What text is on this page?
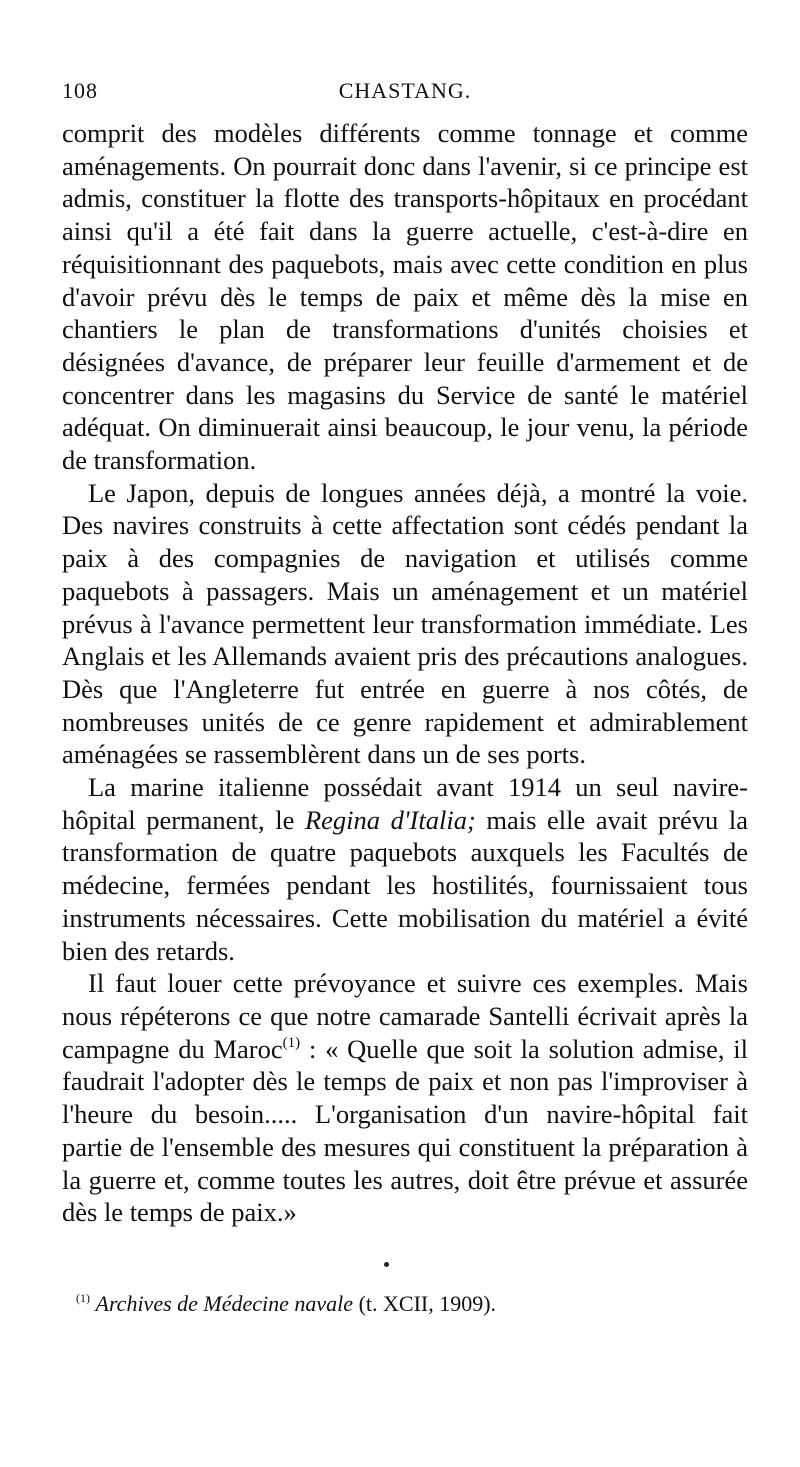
108	CHASTANG.

comprit des modèles différents comme tonnage et comme aménagements. On pourrait donc dans l'avenir, si ce principe est admis, constituer la flotte des transports-hôpitaux en procédant ainsi qu'il a été fait dans la guerre actuelle, c'est-à-dire en réquisitionnant des paquebots, mais avec cette condition en plus d'avoir prévu dès le temps de paix et même dès la mise en chantiers le plan de transformations d'unités choisies et désignées d'avance, de préparer leur feuille d'armement et de concentrer dans les magasins du Service de santé le matériel adéquat. On diminuerait ainsi beaucoup, le jour venu, la période de transformation.

Le Japon, depuis de longues années déjà, a montré la voie. Des navires construits à cette affectation sont cédés pendant la paix à des compagnies de navigation et utilisés comme paquebots à passagers. Mais un aménagement et un matériel prévus à l'avance permettent leur transformation immédiate. Les Anglais et les Allemands avaient pris des précautions analogues. Dès que l'Angleterre fut entrée en guerre à nos côtés, de nombreuses unités de ce genre rapidement et admirablement aménagées se rassemblèrent dans un de ses ports.

La marine italienne possédait avant 1914 un seul navire-hôpital permanent, le Regina d'Italia; mais elle avait prévu la transformation de quatre paquebots auxquels les Facultés de médecine, fermées pendant les hostilités, fournissaient tous instruments nécessaires. Cette mobilisation du matériel a évité bien des retards.

Il faut louer cette prévoyance et suivre ces exemples. Mais nous répéterons ce que notre camarade Santelli écrivait après la campagne du Maroc$^{(1)}$ : « Quelle que soit la solution admise, il faudrait l'adopter dès le temps de paix et non pas l'improviser à l'heure du besoin..... L'organisation d'un navire-hôpital fait partie de l'ensemble des mesures qui constituent la préparation à la guerre et, comme toutes les autres, doit être prévue et assurée dès le temps de paix.»

$^{(1)}$ Archives de Médecine navale (t. XCII, 1909).
